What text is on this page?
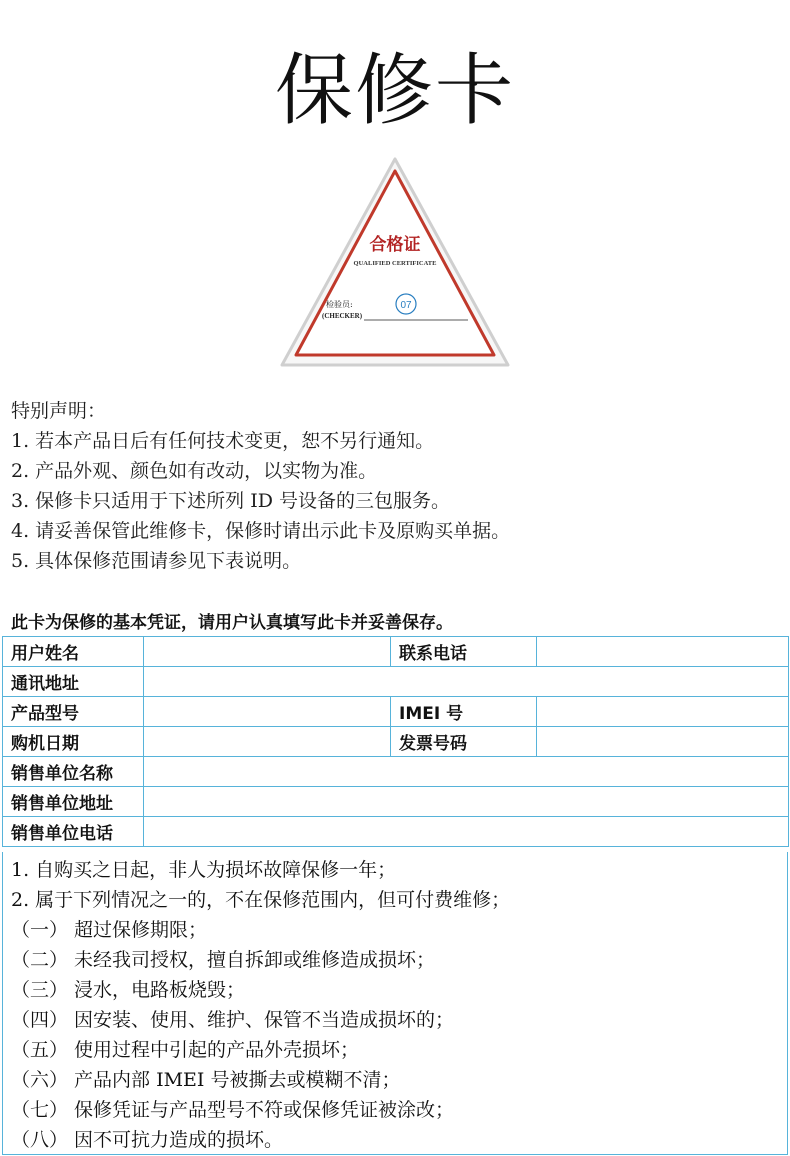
保修卡
合格证
QUALIFIED CERTIFICATE
检验员:
(CHECKER)
07
特别声明：
1. 若本产品日后有任何技术变更，恕不另行通知。
2. 产品外观、颜色如有改动，以实物为准。
3. 保修卡只适用于下述所列 ID 号设备的三包服务。
4. 请妥善保管此维修卡，保修时请出示此卡及原购买单据。
5. 具体保修范围请参见下表说明。
此卡为保修的基本凭证，请用户认真填写此卡并妥善保存。
用户姓名		联系电话	
通讯地址			
产品型号		IMEI 号	
购机日期		发票号码	
销售单位名称			
销售单位地址			
销售单位电话			
1. 自购买之日起，非人为损坏故障保修一年；
2. 属于下列情况之一的，不在保修范围内，但可付费维修；
（一） 超过保修期限；
（二） 未经我司授权，擅自拆卸或维修造成损坏；
（三） 浸水，电路板烧毁；
（四） 因安装、使用、维护、保管不当造成损坏的；
（五） 使用过程中引起的产品外壳损坏；
（六） 产品内部 IMEI 号被撕去或模糊不清；
（七） 保修凭证与产品型号不符或保修凭证被涂改；
（八） 因不可抗力造成的损坏。
